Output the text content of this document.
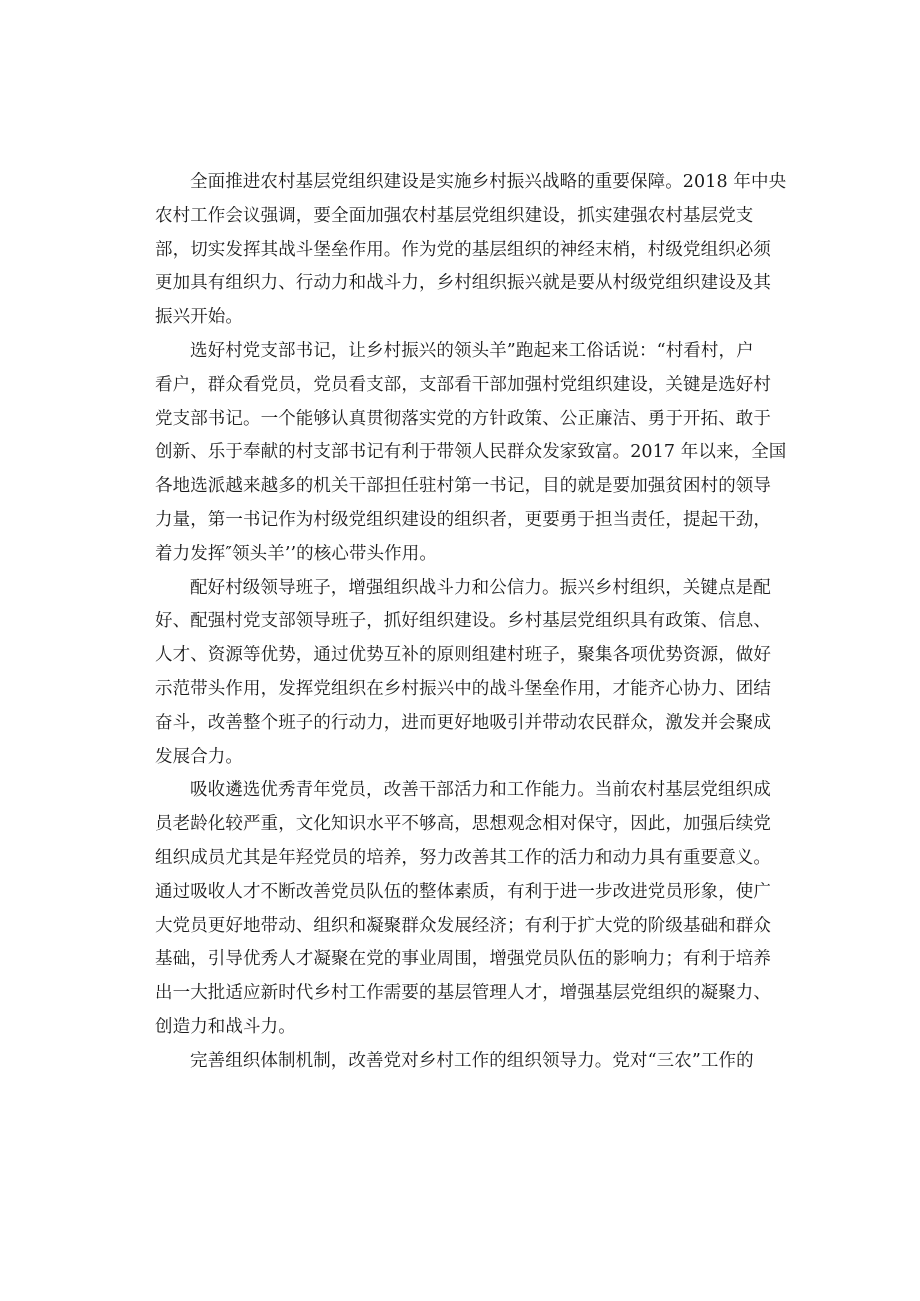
全面推进农村基层党组织建设是实施乡村振兴战略的重要保障。2018 年中央
农村工作会议强调，要全面加强农村基层党组织建设，抓实建强农村基层党支
部，切实发挥其战斗堡垒作用。作为党的基层组织的神经末梢，村级党组织必须
更加具有组织力、行动力和战斗力，乡村组织振兴就是要从村级党组织建设及其
振兴开始。

选好村党支部书记，让乡村振兴的领头羊”跑起来工俗话说：“村看村，户
看户，群众看党员，党员看支部，支部看干部加强村党组织建设，关键是选好村
党支部书记。一个能够认真贯彻落实党的方针政策、公正廉洁、勇于开拓、敢于
创新、乐于奉献的村支部书记有利于带领人民群众发家致富。2017 年以来，全国
各地选派越来越多的机关干部担任驻村第一书记，目的就是要加强贫困村的领导
力量，第一书记作为村级党组织建设的组织者，更要勇于担当责任，提起干劲，
着力发挥″领头羊’’的核心带头作用。

配好村级领导班子，增强组织战斗力和公信力。振兴乡村组织，关键点是配
好、配强村党支部领导班子，抓好组织建设。乡村基层党组织具有政策、信息、
人才、资源等优势，通过优势互补的原则组建村班子，聚集各项优势资源，做好
示范带头作用，发挥党组织在乡村振兴中的战斗堡垒作用，才能齐心协力、团结
奋斗，改善整个班子的行动力，进而更好地吸引并带动农民群众，激发并会聚成
发展合力。

吸收遴选优秀青年党员，改善干部活力和工作能力。当前农村基层党组织成
员老龄化较严重，文化知识水平不够高，思想观念相对保守，因此，加强后续党
组织成员尤其是年羟党员的培养，努力改善其工作的活力和动力具有重要意义。
通过吸收人才不断改善党员队伍的整体素质，有利于进一步改进党员形象，使广
大党员更好地带动、组织和凝聚群众发展经济；有利于扩大党的阶级基础和群众
基础，引导优秀人才凝聚在党的事业周围，增强党员队伍的影响力；有利于培养
出一大批适应新时代乡村工作需要的基层管理人才，增强基层党组织的凝聚力、
创造力和战斗力。

完善组织体制机制，改善党对乡村工作的组织领导力。党对“三农”工作的
